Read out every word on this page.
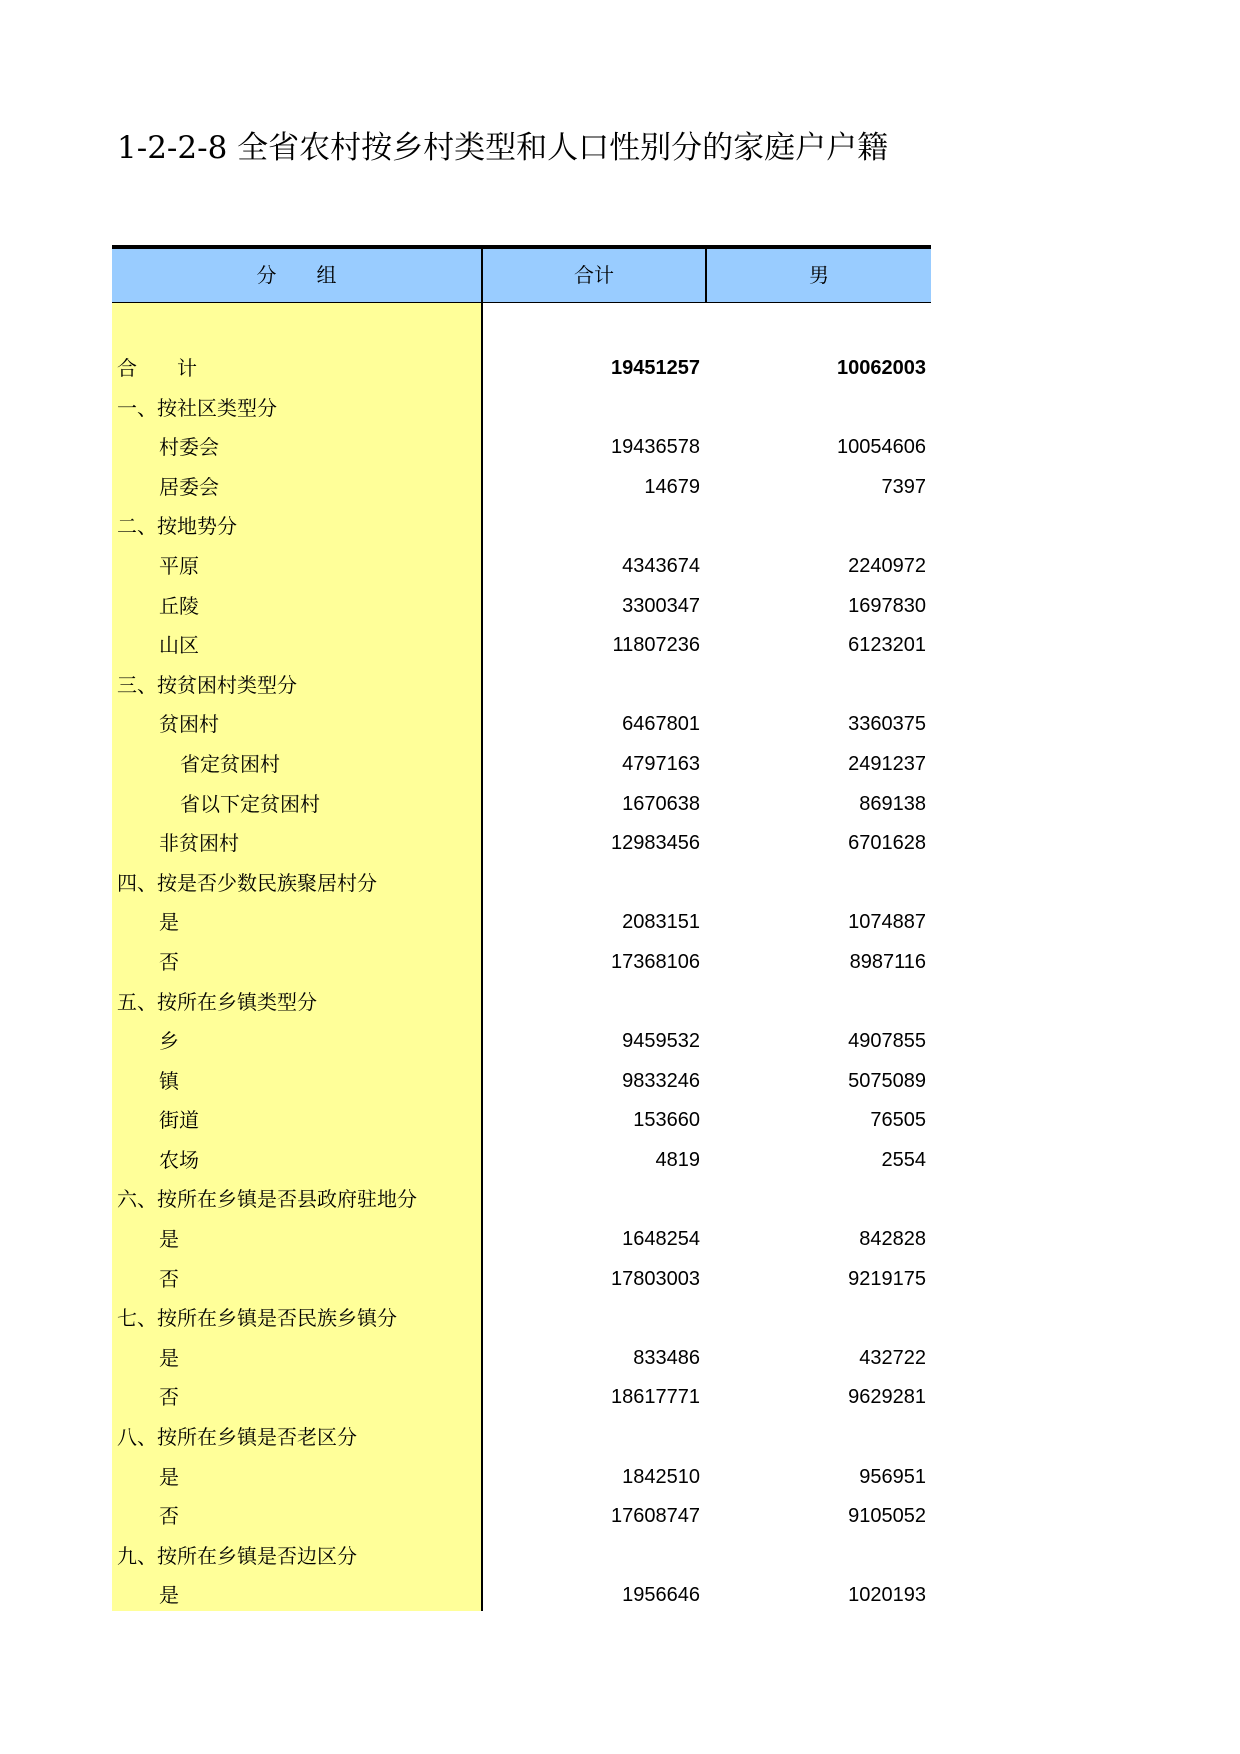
1-2-2-8 全省农村按乡村类型和人口性别分的家庭户户籍
分　　组	合计	男
合　　计	19451257	10062003
一、按社区类型分
村委会	19436578	10054606
居委会	14679	7397
二、按地势分
平原	4343674	2240972
丘陵	3300347	1697830
山区	11807236	6123201
三、按贫困村类型分
贫困村	6467801	3360375
省定贫困村	4797163	2491237
省以下定贫困村	1670638	869138
非贫困村	12983456	6701628
四、按是否少数民族聚居村分
是	2083151	1074887
否	17368106	8987116
五、按所在乡镇类型分
乡	9459532	4907855
镇	9833246	5075089
街道	153660	76505
农场	4819	2554
六、按所在乡镇是否县政府驻地分
是	1648254	842828
否	17803003	9219175
七、按所在乡镇是否民族乡镇分
是	833486	432722
否	18617771	9629281
八、按所在乡镇是否老区分
是	1842510	956951
否	17608747	9105052
九、按所在乡镇是否边区分
是	1956646	1020193
